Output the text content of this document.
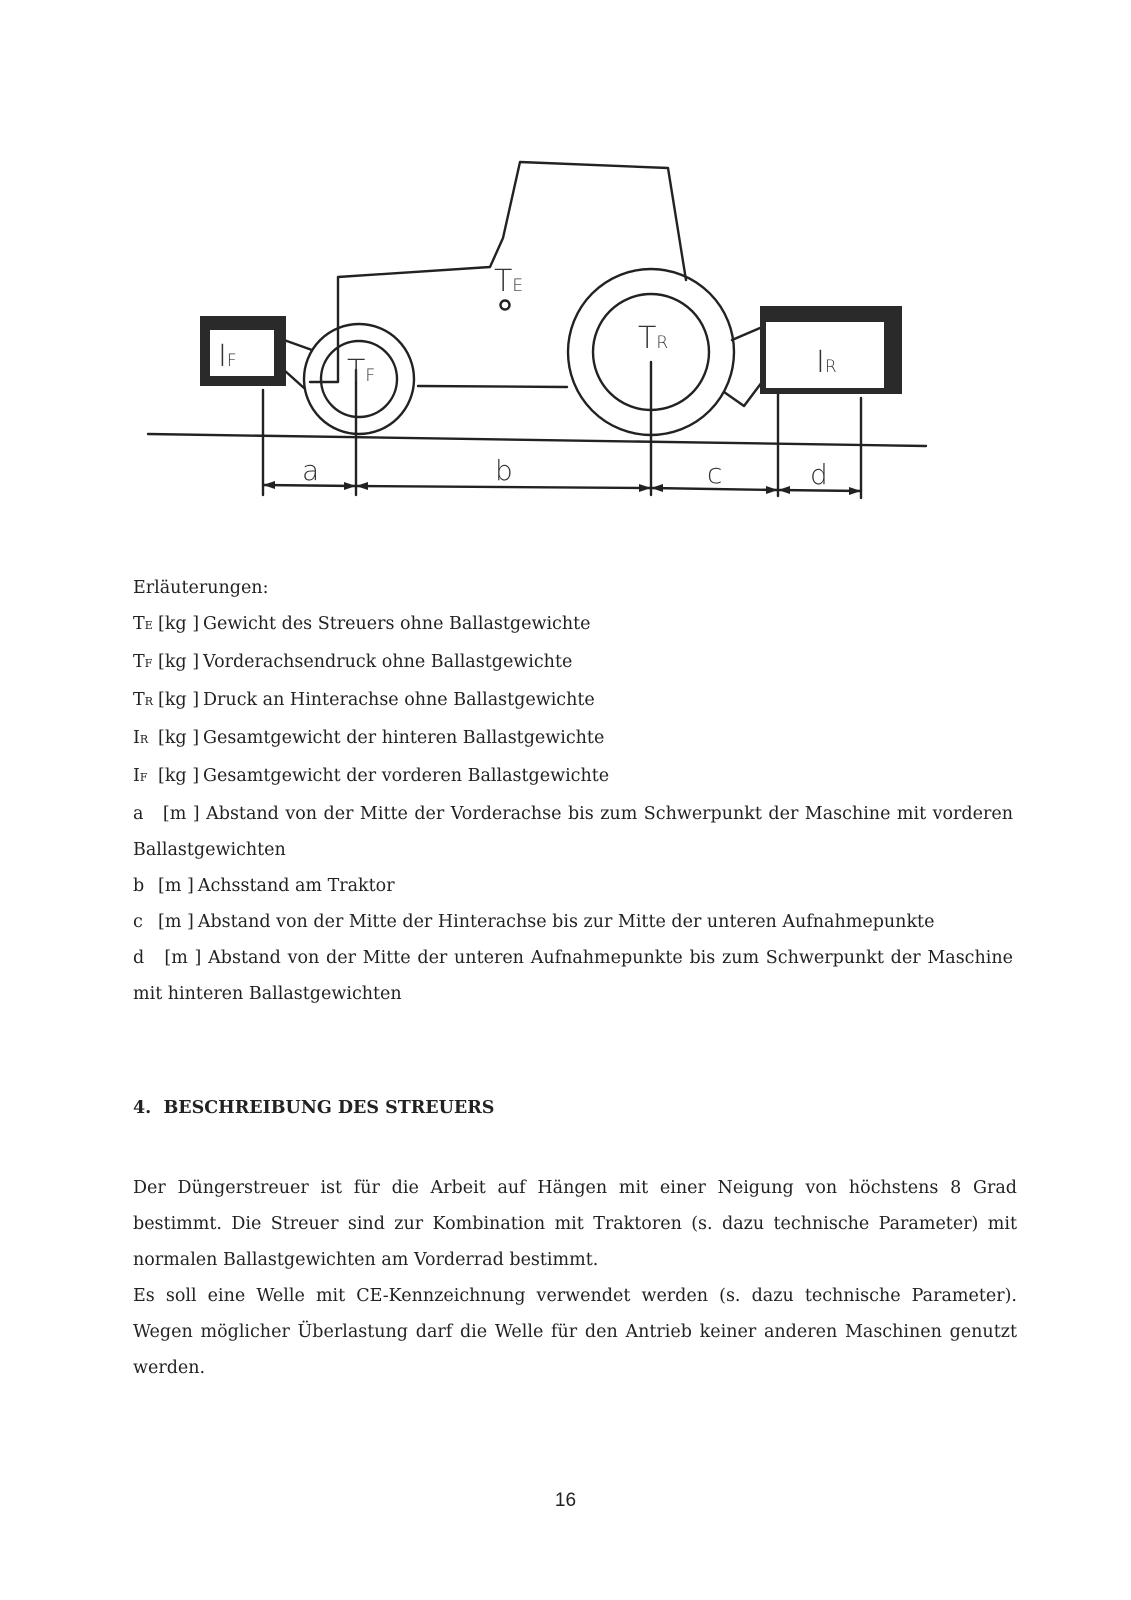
IF	IR
TF
TR
TE
a	b	c	d
Erläuterungen:
TE [kg ] Gewicht des Streuers ohne Ballastgewichte
TF [kg ] Vorderachsendruck ohne Ballastgewichte
TR [kg ] Druck an Hinterachse ohne Ballastgewichte
IR [kg ] Gesamtgewicht der hinteren Ballastgewichte
IF [kg ] Gesamtgewicht der vorderen Ballastgewichte
a [m ] Abstand von der Mitte der Vorderachse bis zum Schwerpunkt der Maschine mit vorderen Ballastgewichten
b [m ] Achsstand am Traktor
c [m ] Abstand von der Mitte der Hinterachse bis zur Mitte der unteren Aufnahmepunkte
d [m ] Abstand von der Mitte der unteren Aufnahmepunkte bis zum Schwerpunkt der Maschine mit hinteren Ballastgewichten
4. BESCHREIBUNG DES STREUERS

Der Düngerstreuer ist für die Arbeit auf Hängen mit einer Neigung von höchstens 8 Grad bestimmt. Die Streuer sind zur Kombination mit Traktoren (s. dazu technische Parameter) mit normalen Ballastgewichten am Vorderrad bestimmt.

Es soll eine Welle mit CE-Kennzeichnung verwendet werden (s. dazu technische Parameter). Wegen möglicher Überlastung darf die Welle für den Antrieb keiner anderen Maschinen genutzt werden.

16
